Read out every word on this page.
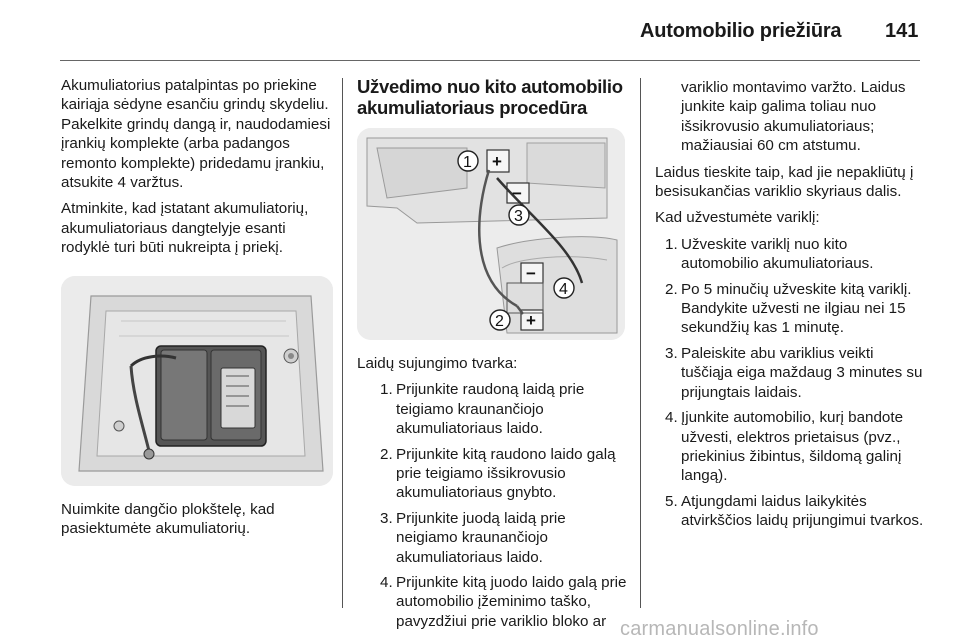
Automobilio priežiūra 141

Akumuliatorius patalpintas po priekine kairiąja sėdyne esančiu grindų skydeliu. Pakelkite grindų dangą ir, naudodamiesi įrankių komplekte (arba padangos remonto komplekte) pridedamu įrankiu, atsukite 4 varžtus.

Atminkite, kad įstatant akumuliatorių, akumuliatoriaus dangtelyje esanti rodyklė turi būti nukreipta į priekį.

Nuimkite dangčio plokštelę, kad pasiektumėte akumuliatorių.

Užvedimo nuo kito automobilio akumuliatoriaus procedūra
1
3
4
2
+
−
−
+

Laidų sujungimo tvarka:

1. Prijunkite raudoną laidą prie teigiamo kraunančiojo akumuliatoriaus laido.
2. Prijunkite kitą raudono laido galą prie teigiamo išsikrovusio akumuliatoriaus gnybto.
3. Prijunkite juodą laidą prie neigiamo kraunančiojo akumuliatoriaus laido.
4. Prijunkite kitą juodo laido galą prie automobilio įžeminimo taško, pavyzdžiui prie variklio bloko ar

variklio montavimo varžto. Laidus junkite kaip galima toliau nuo išsikrovusio akumuliatoriaus; mažiausiai 60 cm atstumu.

Laidus tieskite taip, kad jie nepakliūtų į besisukančias variklio skyriaus dalis.

Kad užvestumėte variklį:

1. Užveskite variklį nuo kito automobilio akumuliatoriaus.
2. Po 5 minučių užveskite kitą variklį. Bandykite užvesti ne ilgiau nei 15 sekundžių kas 1 minutę.
3. Paleiskite abu variklius veikti tuščiąja eiga maždaug 3 minutes su prijungtais laidais.
4. Įjunkite automobilio, kurį bandote užvesti, elektros prietaisus (pvz., priekinius žibintus, šildomą galinį langą).
5. Atjungdami laidus laikykitės atvirkščios laidų prijungimui tvarkos.
carmanualsonline.info
